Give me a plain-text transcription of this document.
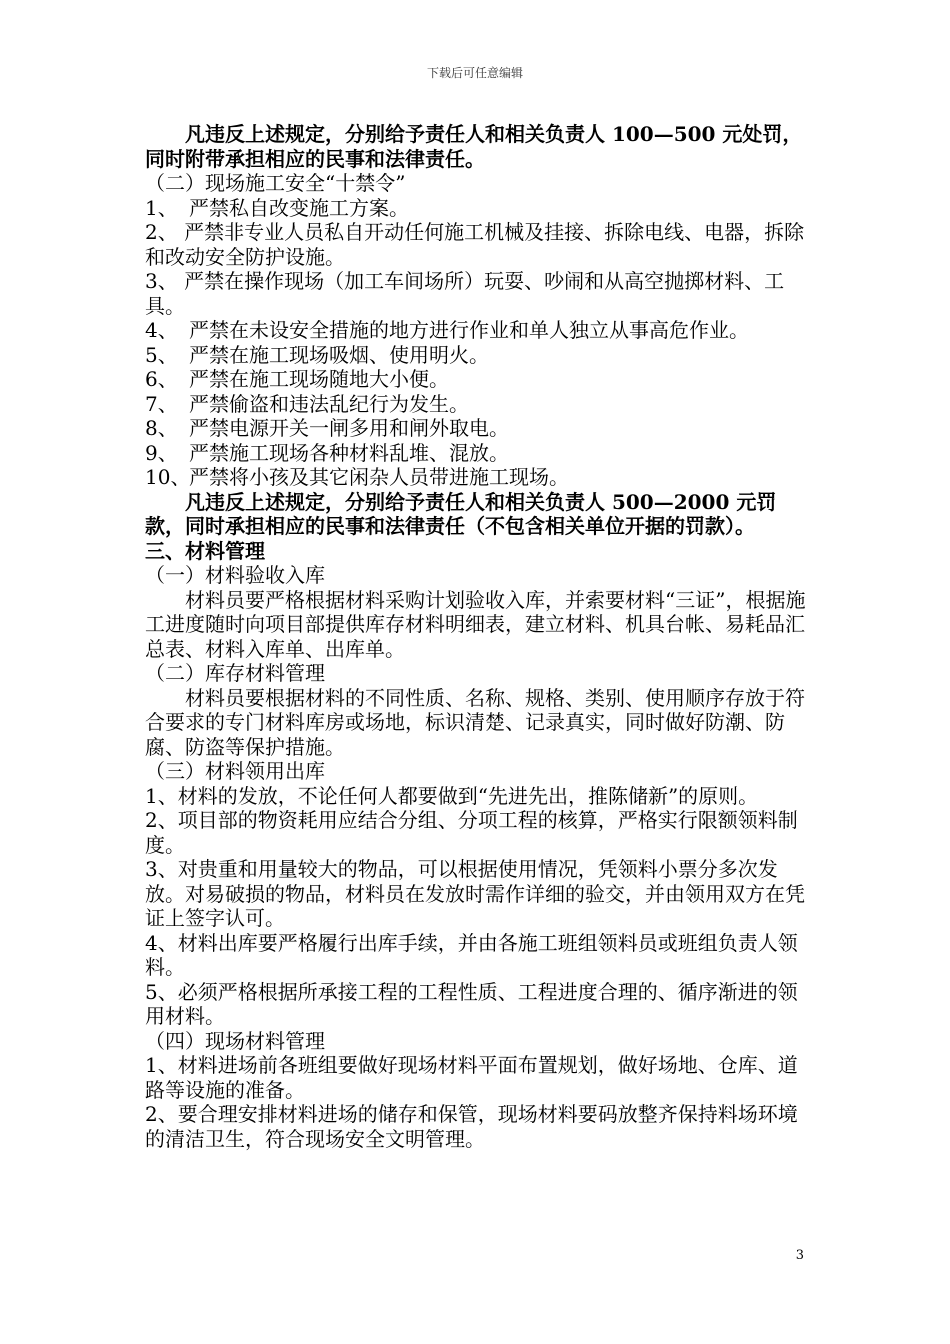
下载后可任意编辑

凡违反上述规定，分别给予责任人和相关负责人 100—500 元处罚，同时附带承担相应的民事和法律责任。

（二）现场施工安全“十禁令”

1、 严禁私自改变施工方案。

2、 严禁非专业人员私自开动任何施工机械及挂接、拆除电线、电器，拆除和改动安全防护设施。

3、 严禁在操作现场（加工车间场所）玩耍、吵闹和从高空抛掷材料、工具。

4、 严禁在未设安全措施的地方进行作业和单人独立从事高危作业。

5、 严禁在施工现场吸烟、使用明火。

6、 严禁在施工现场随地大小便。

7、 严禁偷盗和违法乱纪行为发生。

8、 严禁电源开关一闸多用和闸外取电。

9、 严禁施工现场各种材料乱堆、混放。

10、严禁将小孩及其它闲杂人员带进施工现场。

凡违反上述规定，分别给予责任人和相关负责人 500—2000 元罚款，同时承担相应的民事和法律责任（不包含相关单位开据的罚款）。

三、材料管理

（一）材料验收入库

材料员要严格根据材料采购计划验收入库，并索要材料“三证”，根据施工进度随时向项目部提供库存材料明细表，建立材料、机具台帐、易耗品汇总表、材料入库单、出库单。

（二）库存材料管理

材料员要根据材料的不同性质、名称、规格、类别、使用顺序存放于符合要求的专门材料库房或场地，标识清楚、记录真实，同时做好防潮、防腐、防盗等保护措施。

（三）材料领用出库

1、材料的发放，不论任何人都要做到“先进先出，推陈储新”的原则。

2、项目部的物资耗用应结合分组、分项工程的核算，严格实行限额领料制度。

3、对贵重和用量较大的物品，可以根据使用情况，凭领料小票分多次发放。对易破损的物品，材料员在发放时需作详细的验交，并由领用双方在凭证上签字认可。

4、材料出库要严格履行出库手续，并由各施工班组领料员或班组负责人领料。

5、必须严格根据所承接工程的工程性质、工程进度合理的、循序渐进的领用材料。

（四）现场材料管理

1、材料进场前各班组要做好现场材料平面布置规划，做好场地、仓库、道路等设施的准备。

2、要合理安排材料进场的储存和保管，现场材料要码放整齐保持料场环境的清洁卫生，符合现场安全文明管理。

3
